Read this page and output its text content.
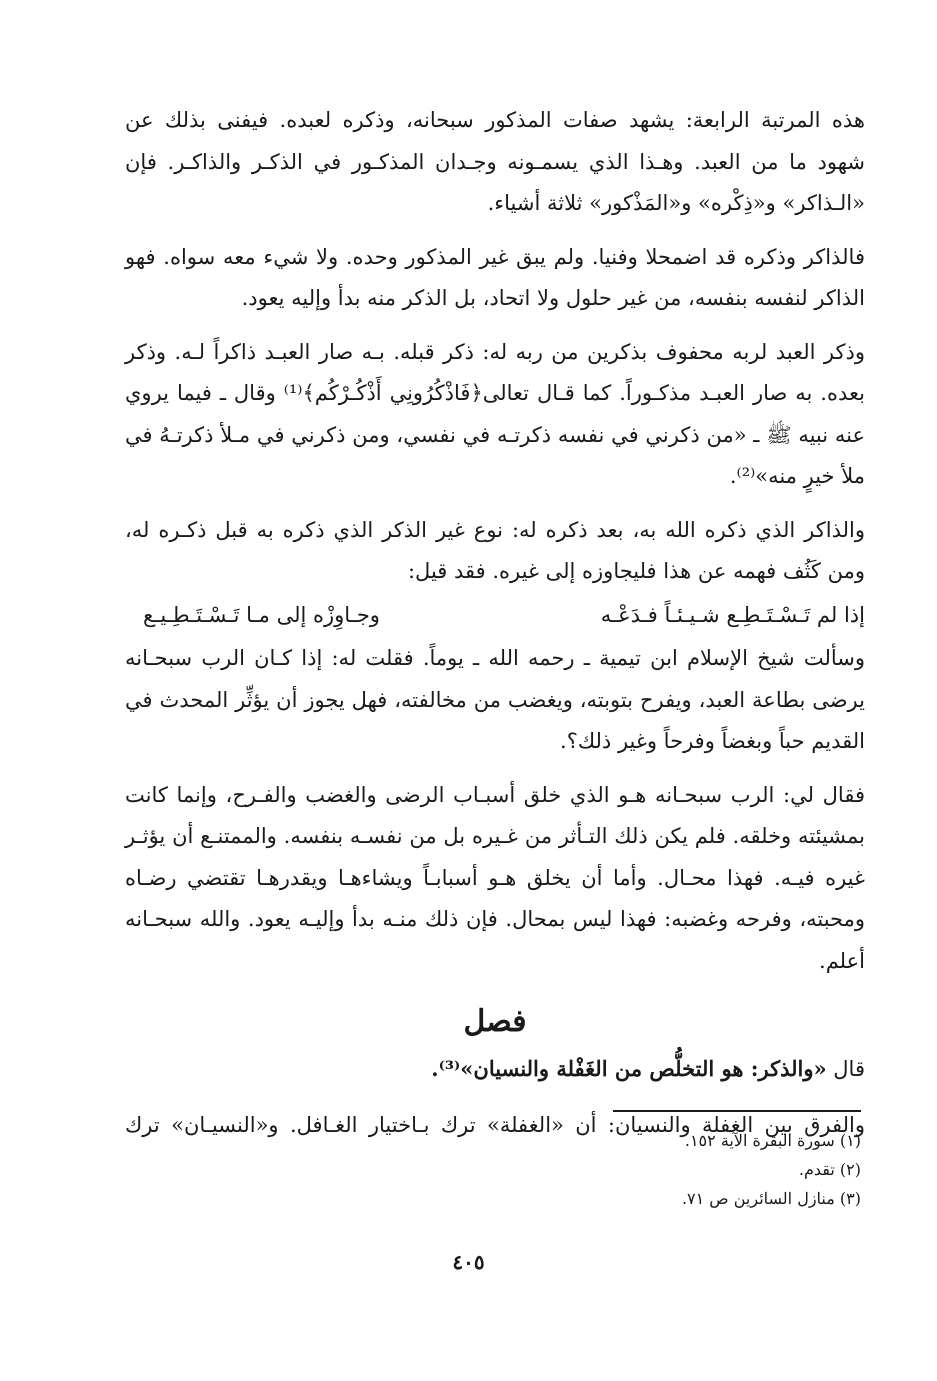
هذه المرتبة الرابعة: يشهد صفات المذكور سبحانه، وذكره لعبده. فيفنى بذلك عن شهود ما من العبد. وهـذا الذي يسمـونه وجـدان المذكـور في الذكـر والذاكـر. فإن «الـذاكر» و«ذِكْره» و«المَذْكور» ثلاثة أشياء.

فالذاكر وذكره قد اضمحلا وفنيا. ولم يبق غير المذكور وحده. ولا شيء معه سواه. فهو الذاكر لنفسه بنفسه، من غير حلول ولا اتحاد، بل الذكر منه بدأ وإليه يعود.

وذكر العبد لربه محفوف بذكرين من ربه له: ذكر قبله. بـه صار العبـد ذاكراً لـه. وذكر بعده. به صار العبـد مذكـوراً. كما قـال تعالى﴿فَاذْكُرُونِي أَذْكُـرْكُم﴾⁽¹⁾ وقال ـ فيما يروي عنه نبيه ﷺ ـ «من ذكرني في نفسه ذكرتـه في نفسي، ومن ذكرني في مـلأ ذكرتـهُ في ملأ خيرٍ منه»⁽²⁾.

والذاكر الذي ذكره الله به، بعد ذكره له: نوع غير الذكر الذي ذكره به قبل ذكـره له، ومن كَثُف فهمه عن هذا فليجاوزه إلى غيره. فقد قيل:

إذا لم تَـسْـتَـطِـع شـيـئـاً فـدَعْـه
وجـاوِزْه إلى مـا تَـسْـتَـطِـيـع

وسألت شيخ الإسلام ابن تيمية ـ رحمه الله ـ يوماً. فقلت له: إذا كـان الرب سبحـانه يرضى بطاعة العبد، ويفرح بتوبته، ويغضب من مخالفته، فهل يجوز أن يؤثِّر المحدث في القديم حباً وبغضاً وفرحاً وغير ذلك؟.

فقال لي: الرب سبحـانه هـو الذي خلق أسبـاب الرضى والغضب والفـرح، وإنما كانت بمشيئته وخلقه. فلم يكن ذلك التـأثر من غـيره بل من نفسـه بنفسه. والممتنـع أن يؤثـر غيره فيـه. فهذا محـال. وأما أن يخلق هـو أسبابـاً ويشاءهـا ويقدرهـا تقتضي رضـاه ومحبته، وفرحه وغضبه: فهذا ليس بمحال. فإن ذلك منـه بدأ وإليـه يعود. والله سبحـانه أعلم.

فصل

قال «والذكر: هو التخلُّص من الغَفْلة والنسيان»⁽³⁾.

والفرق بين الغفلة والنسيان: أن «الغفلة» ترك بـاختيار الغـافل. و«النسيـان» ترك

(١) سورة البقرة الآية ١٥٢.

(٢) تقدم.

(٣) منازل السائرين ص ٧١.

٤٠٥
